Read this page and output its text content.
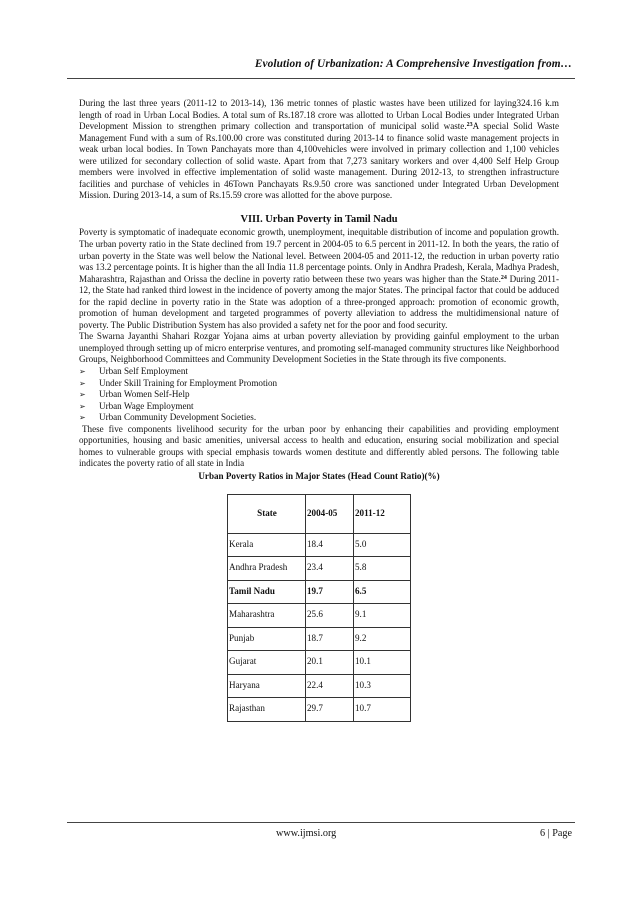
Evolution of Urbanization: A Comprehensive Investigation from…

During the last three years (2011-12 to 2013-14), 136 metric tonnes of plastic wastes have been utilized for laying324.16 k.m length of road in Urban Local Bodies. A total sum of Rs.187.18 crore was allotted to Urban Local Bodies under Integrated Urban Development Mission to strengthen primary collection and transportation of municipal solid waste.$^{23}$A special Solid Waste Management Fund with a sum of Rs.100.00 crore was constituted during 2013-14 to finance solid waste management projects in weak urban local bodies. In Town Panchayats more than 4,100vehicles were involved in primary collection and 1,100 vehicles were utilized for secondary collection of solid waste. Apart from that 7,273 sanitary workers and over 4,400 Self Help Group members were involved in effective implementation of solid waste management. During 2012-13, to strengthen infrastructure facilities and purchase of vehicles in 46Town Panchayats Rs.9.50 crore was sanctioned under Integrated Urban Development Mission. During 2013-14, a sum of Rs.15.59 crore was allotted for the above purpose.

VIII. Urban Poverty in Tamil Nadu

Poverty is symptomatic of inadequate economic growth, unemployment, inequitable distribution of income and population growth. The urban poverty ratio in the State declined from 19.7 percent in 2004-05 to 6.5 percent in 2011-12. In both the years, the ratio of urban poverty in the State was well below the National level. Between 2004-05 and 2011-12, the reduction in urban poverty ratio was 13.2 percentage points. It is higher than the all India 11.8 percentage points. Only in Andhra Pradesh, Kerala, Madhya Pradesh, Maharashtra, Rajasthan and Orissa the decline in poverty ratio between these two years was higher than the State.$^{24}$ During 2011-12, the State had ranked third lowest in the incidence of poverty among the major States. The principal factor that could be adduced for the rapid decline in poverty ratio in the State was adoption of a three-pronged approach: promotion of economic growth, promotion of human development and targeted programmes of poverty alleviation to address the multidimensional nature of poverty. The Public Distribution System has also provided a safety net for the poor and food security.

The Swarna Jayanthi Shahari Rozgar Yojana aims at urban poverty alleviation by providing gainful employment to the urban unemployed through setting up of micro enterprise ventures, and promoting self-managed community structures like Neighborhood Groups, Neighborhood Committees and Community Development Societies in the State through its five components.

➢	Urban Self Employment
➢	Under Skill Training for Employment Promotion
➢	Urban Women Self-Help
➢	Urban Wage Employment
➢	Urban Community Development Societies.

These five components livelihood security for the urban poor by enhancing their capabilities and providing employment opportunities, housing and basic amenities, universal access to health and education, ensuring social mobilization and special homes to vulnerable groups with special emphasis towards women destitute and differently abled persons. The following table indicates the poverty ratio of all state in India

Urban Poverty Ratios in Major States (Head Count Ratio)(%)
State	2004-05	2011-12
Kerala	18.4	5.0
Andhra Pradesh	23.4	5.8
Tamil Nadu	19.7	6.5
Maharashtra	25.6	9.1
Punjab	18.7	9.2
Gujarat	20.1	10.1
Haryana	22.4	10.3
Rajasthan	29.7	10.7
www.ijmsi.org	6 | Page
